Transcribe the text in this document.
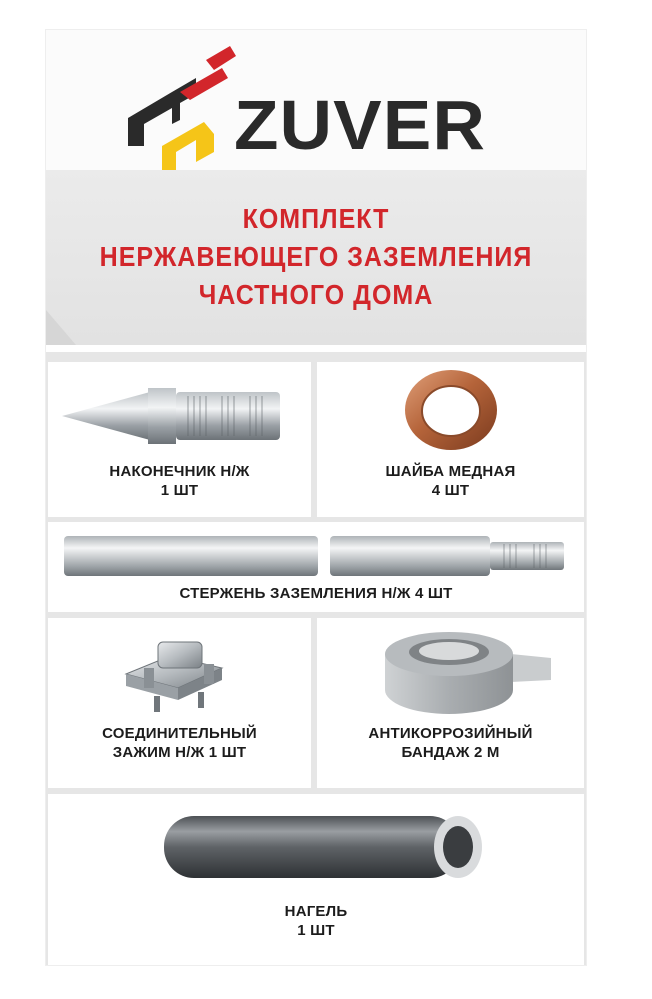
ZUVER
КОМПЛЕКТ
НЕРЖАВЕЮЩЕГО ЗАЗЕМЛЕНИЯ
ЧАСТНОГО ДОМА
НАКОНЕЧНИК Н/Ж
1 ШТ
ШАЙБА МЕДНАЯ
4 ШТ
СТЕРЖЕНЬ ЗАЗЕМЛЕНИЯ Н/Ж 4 ШТ
СОЕДИНИТЕЛЬНЫЙ
ЗАЖИМ Н/Ж 1 ШТ
АНТИКОРРОЗИЙНЫЙ
БАНДАЖ 2 М
НАГЕЛЬ
1 ШТ
